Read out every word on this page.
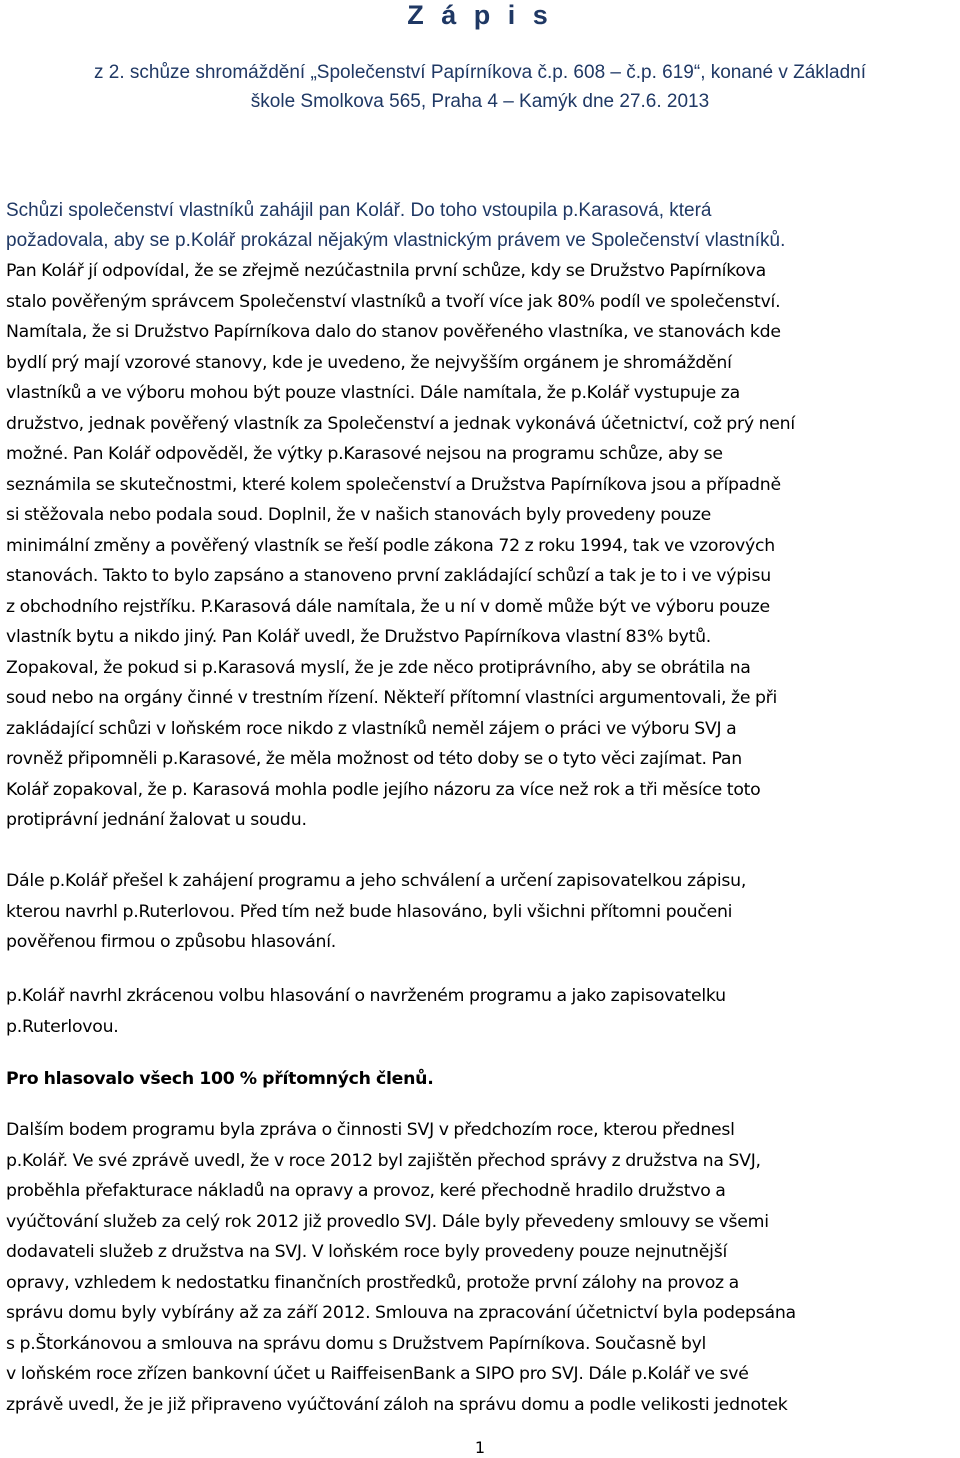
Z á p i s
z 2. schůze shromáždění „Společenství Papírníkova č.p. 608 – č.p. 619“, konané v Základní
škole Smolkova 565, Praha 4 – Kamýk dne 27.6. 2013
Schůzi společenství vlastníků zahájil pan Kolář. Do toho vstoupila p.Karasová, která
požadovala, aby se p.Kolář prokázal nějakým vlastnickým právem ve Společenství vlastníků.
Pan Kolář jí odpovídal, že se zřejmě nezúčastnila první schůze, kdy se Družstvo Papírníkova
stalo pověřeným správcem Společenství vlastníků a tvoří více jak 80% podíl ve společenství.
Namítala, že si Družstvo Papírníkova dalo do stanov pověřeného vlastníka, ve stanovách kde
bydlí prý mají vzorové stanovy, kde je uvedeno, že nejvyšším orgánem je shromáždění
vlastníků a ve výboru mohou být pouze vlastníci. Dále namítala, že p.Kolář vystupuje za
družstvo, jednak pověřený vlastník za Společenství a jednak vykonává účetnictví, což prý není
možné. Pan Kolář odpověděl, že výtky p.Karasové nejsou na programu schůze, aby se
seznámila se skutečnostmi, které kolem společenství a Družstva Papírníkova jsou a případně
si stěžovala nebo podala soud. Doplnil, že v našich stanovách byly provedeny pouze
minimální změny a pověřený vlastník se řeší podle zákona 72 z roku 1994, tak ve vzorových
stanovách. Takto to bylo zapsáno a stanoveno první zakládající schůzí a tak je to i ve výpisu
z obchodního rejstříku. P.Karasová dále namítala, že u ní v domě může být ve výboru pouze
vlastník bytu a nikdo jiný. Pan Kolář uvedl, že Družstvo Papírníkova vlastní 83% bytů.
Zopakoval, že pokud si p.Karasová myslí, že je zde něco protiprávního, aby se obrátila na
soud nebo na orgány činné v trestním řízení. Někteří přítomní vlastníci argumentovali, že při
zakládající schůzi v loňském roce nikdo z vlastníků neměl zájem o práci ve výboru SVJ a
rovněž připomněli p.Karasové, že měla možnost od této doby se o tyto věci zajímat. Pan
Kolář zopakoval, že p. Karasová mohla podle jejího názoru za více než rok a tři měsíce toto
protiprávní jednání žalovat u soudu.
Dále p.Kolář přešel k zahájení programu a jeho schválení a určení zapisovatelkou zápisu,
kterou navrhl p.Ruterlovou. Před tím než bude hlasováno, byli všichni přítomni poučeni
pověřenou firmou o způsobu hlasování.
p.Kolář navrhl zkrácenou volbu hlasování o navrženém programu a jako zapisovatelku
p.Ruterlovou.
Pro hlasovalo všech 100 % přítomných členů.
Dalším bodem programu byla zpráva o činnosti SVJ v předchozím roce, kterou přednesl
p.Kolář. Ve své zprávě uvedl, že v roce 2012 byl zajištěn přechod správy z družstva na SVJ,
proběhla přefakturace nákladů na opravy a provoz, keré přechodně hradilo družstvo a
vyúčtování služeb za celý rok 2012 již provedlo SVJ. Dále byly převedeny smlouvy se všemi
dodavateli služeb z družstva na SVJ. V loňském roce byly provedeny pouze nejnutnější
opravy, vzhledem k nedostatku finančních prostředků, protože první zálohy na provoz a
správu domu byly vybírány až za září 2012. Smlouva na zpracování účetnictví byla podepsána
s p.Štorkánovou a smlouva na správu domu s Družstvem Papírníkova. Současně byl
v loňském roce zřízen bankovní účet u RaiffeisenBank a SIPO pro SVJ. Dále p.Kolář ve své
zprávě uvedl, že je již připraveno vyúčtování záloh na správu domu a podle velikosti jednotek
1
